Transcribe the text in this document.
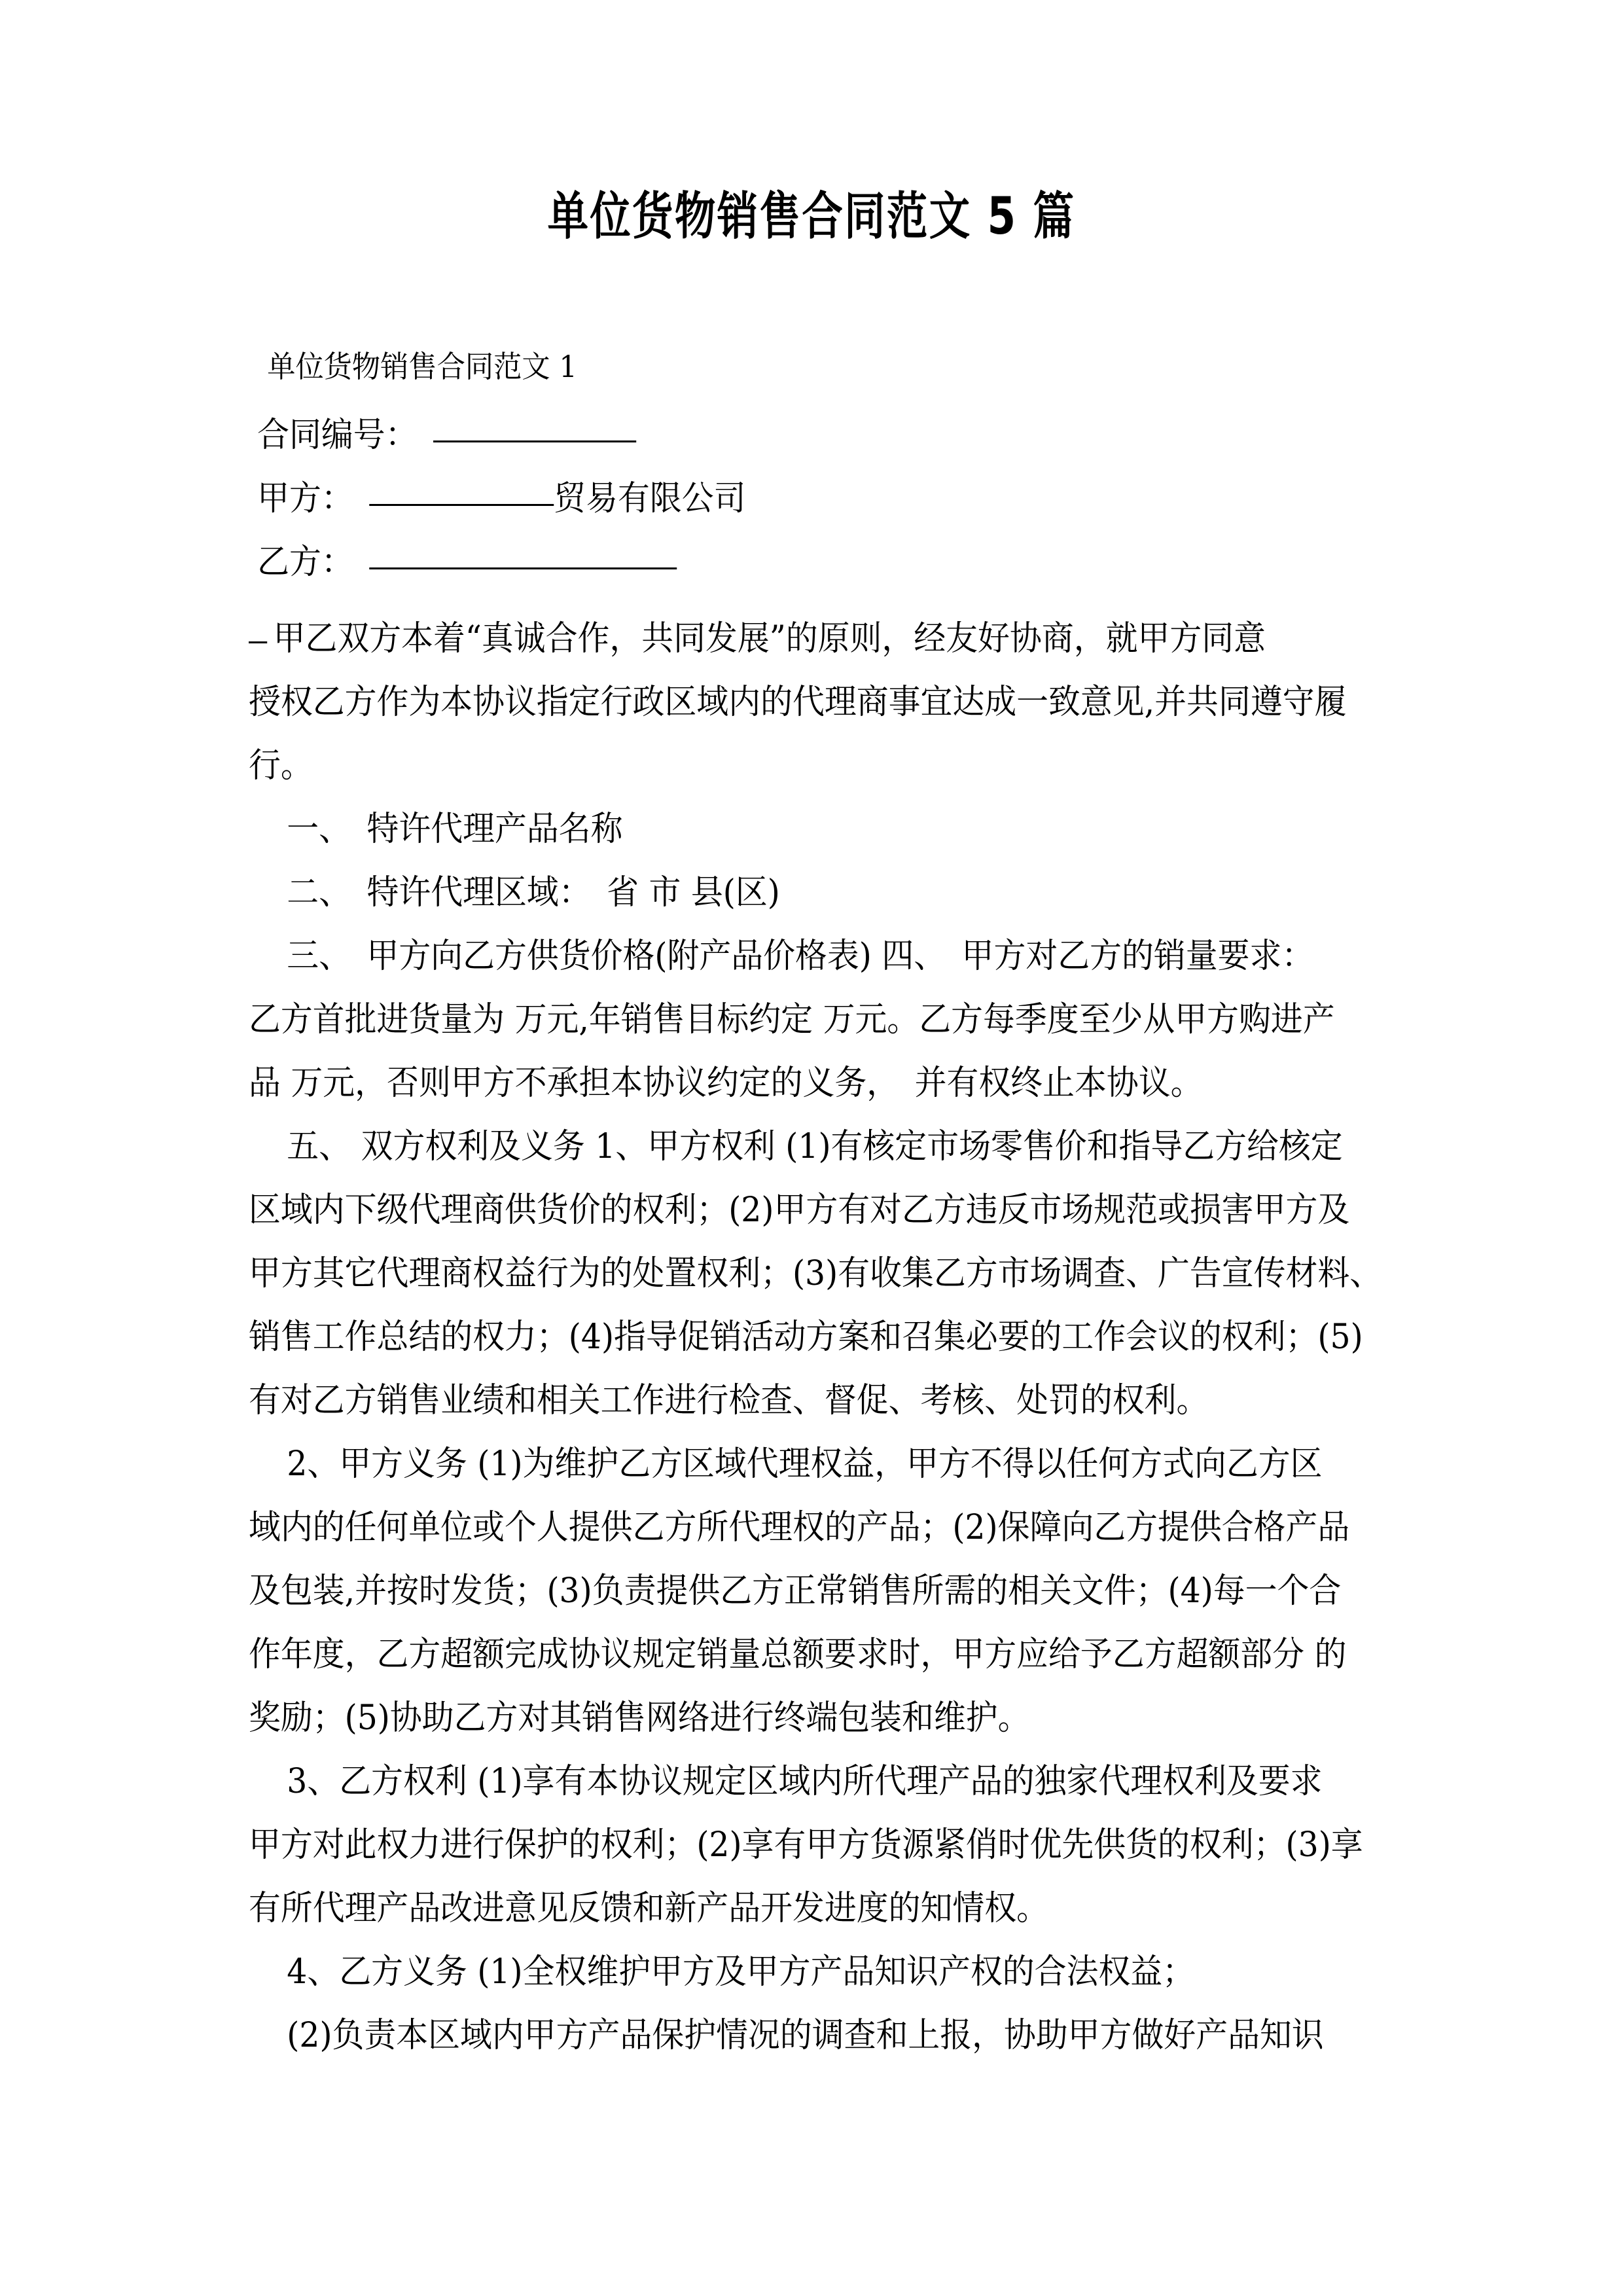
单位货物销售合同范文 5 篇
单位货物销售合同范文 1
合同编号：
甲方：	贸易有限公司
乙方：
甲乙双方本着“真诚合作，共同发展”的原则，经友好协商，就甲方同意
授权乙方作为本协议指定行政区域内的代理商事宜达成一致意见,并共同遵守履
行。
一、　特许代理产品名称
二、　特许代理区域：　省 市 县(区)
三、　甲方向乙方供货价格(附产品价格表) 四、　甲方对乙方的销量要求：
乙方首批进货量为 万元,年销售目标约定 万元。乙方每季度至少从甲方购进产
品 万元，否则甲方不承担本协议约定的义务，　并有权终止本协议。
五、 双方权利及义务 1、甲方权利 (1)有核定市场零售价和指导乙方给核定
区域内下级代理商供货价的权利；(2)甲方有对乙方违反市场规范或损害甲方及
甲方其它代理商权益行为的处置权利；(3)有收集乙方市场调查、广告宣传材料、
销售工作总结的权力；(4)指导促销活动方案和召集必要的工作会议的权利；(5)
有对乙方销售业绩和相关工作进行检查、督促、考核、处罚的权利。
2、甲方义务 (1)为维护乙方区域代理权益，甲方不得以任何方式向乙方区
域内的任何单位或个人提供乙方所代理权的产品；(2)保障向乙方提供合格产品
及包装,并按时发货；(3)负责提供乙方正常销售所需的相关文件；(4)每一个合
作年度，乙方超额完成协议规定销量总额要求时，甲方应给予乙方超额部分 的
奖励；(5)协助乙方对其销售网络进行终端包装和维护。
3、乙方权利 (1)享有本协议规定区域内所代理产品的独家代理权利及要求
甲方对此权力进行保护的权利；(2)享有甲方货源紧俏时优先供货的权利；(3)享
有所代理产品改进意见反馈和新产品开发进度的知情权。
4、乙方义务 (1)全权维护甲方及甲方产品知识产权的合法权益；
(2)负责本区域内甲方产品保护情况的调查和上报，协助甲方做好产品知识
